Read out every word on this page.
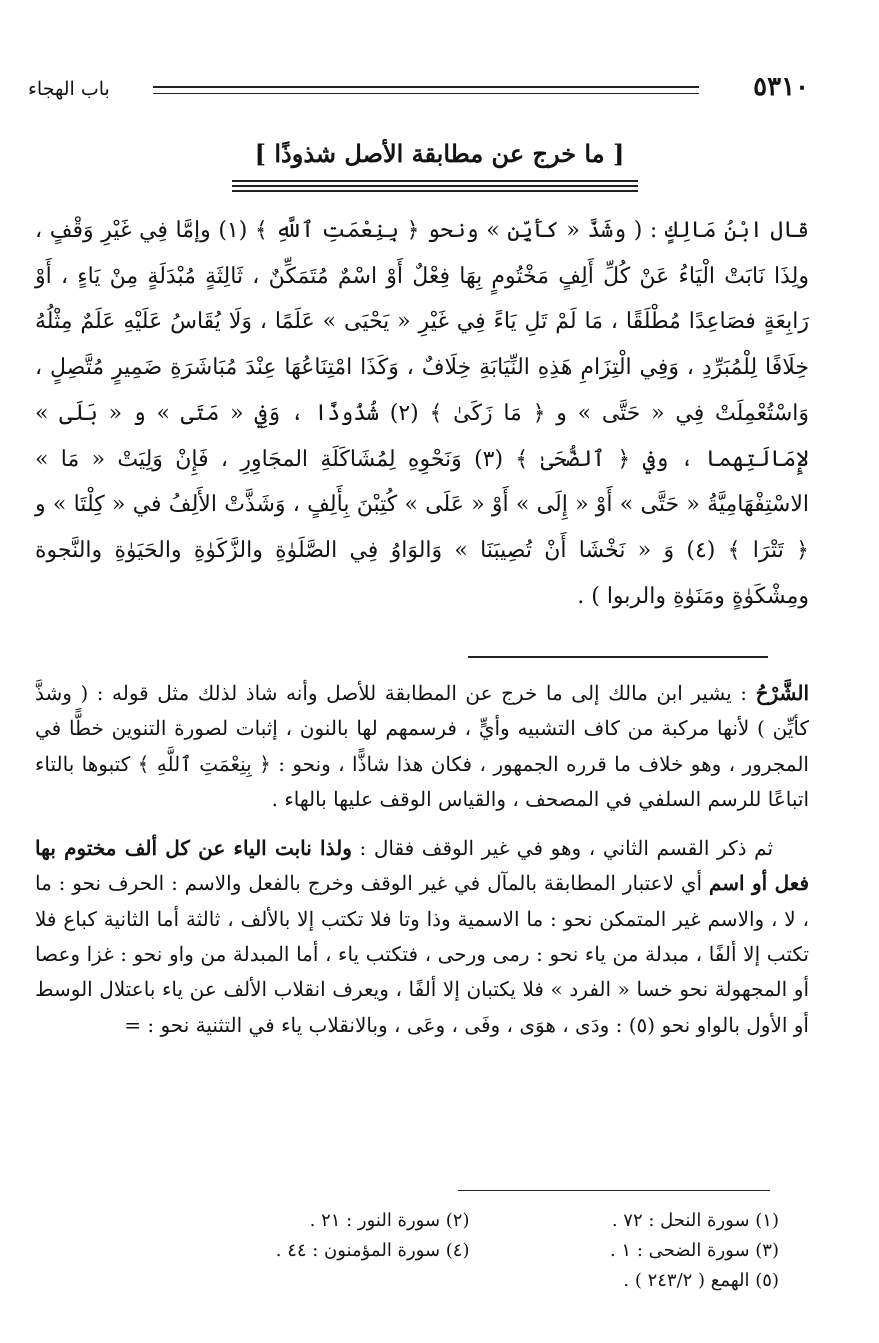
٥٣١٠
باب الهجاء
[ ما خرج عن مطابقة الأصل شذوذًا ]
قال ابْنُ مَالِكٍ : ( وشَذَّ « كأَيِّن » ونحو ﴿ بِنِعْمَتِ ٱللَّهِ ﴾ (١) وإمَّا فِي غَيْرِ وَقْفٍ ، ولِذَا نَابَتْ الْيَاءُ عَنْ كُلِّ أَلِفٍ مَخْتُومٍ بِهَا فِعْلٌ أَوْ اسْمٌ مُتَمَكِّنٌ ، ثَالِثَةٍ مُبْدَلَةٍ مِنْ يَاءٍ ، أَوْ رَابِعَةٍ فصَاعِدًا مُطْلَقًا ، مَا لَمْ تَلِ يَاءً فِي غَيْرِ « يَحْيَى » عَلَمًا ، وَلَا يُقَاسُ عَلَيْهِ عَلَمٌ مِثْلُهُ خِلَافًا لِلْمُبَرِّدِ ، وَفِي الْتِزَامِ هَذِهِ النِّيَابَةِ خِلَافٌ ، وَكَذَا امْتِنَاعُهَا عِنْدَ مُبَاشَرَةِ ضَمِيرٍ مُتَّصِلٍ ، وَاسْتُعْمِلَتْ فِي « حَتَّى » و ﴿ مَا زَكَىٰ ﴾ (٢) شُذُوذًا ، وَفِي « مَتَى » و « بَلَى » لإِمَالَتِهما ، وفي ﴿ ٱلضُّحَىٰ ﴾ (٣) وَنَحْوِهِ لِمُشَاكَلَةِ المجَاوِرِ ، فَإِنْ وَلِيَتْ « مَا » الاسْتِفْهَامِيَّةُ « حَتَّى » أَوْ « إِلَى » أَوْ « عَلَى » كُتِبْنَ بِأَلِفٍ ، وَشَذَّتْ الأَلِفُ في « كِلْتَا » و ﴿ تَتْرَا ﴾ (٤) وَ « نَخْشَا أَنْ تُصِيبَنَا » وَالوَاوُ فِي الصَّلَوٰةِ والزَّكَوٰةِ والحَيَوٰةِ والنَّجوة ومِشْكَوٰةٍ ومَنَوٰةِ والربوا ) .

الشَّرْحُ : يشير ابن مالك إلى ما خرج عن المطابقة للأصل وأنه شاذ لذلك مثل قوله : ( وشذَّ كأيِّن ) لأنها مركبة من كاف التشبيه وأيٍّ ، فرسمهم لها بالنون ، إثبات لصورة التنوين خطًّا في المجرور ، وهو خلاف ما قرره الجمهور ، فكان هذا شاذًّا ، ونحو : ﴿ بِنِعْمَتِ ٱللَّهِ ﴾ كتبوها بالتاء اتباعًا للرسم السلفي في المصحف ، والقياس الوقف عليها بالهاء .

ثم ذكر القسم الثاني ، وهو في غير الوقف فقال : ولذا نابت الياء عن كل ألف مختوم بها فعل أو اسم أي لاعتبار المطابقة بالمآل في غير الوقف وخرج بالفعل والاسم : الحرف نحو : ما ، لا ، والاسم غير المتمكن نحو : ما الاسمية وذا وتا فلا تكتب إلا بالألف ، ثالثة أما الثانية كباع فلا تكتب إلا ألفًا ، مبدلة من ياء نحو : رمى ورحى ، فتكتب ياء ، أما المبدلة من واو نحو : غزا وعصا أو المجهولة نحو خسا « الفرد » فلا يكتبان إلا ألفًا ، ويعرف انقلاب الألف عن ياء باعتلال الوسط أو الأول بالواو نحو (٥) : ودَى ، هوَى ، وفَى ، وعَى ، وبالانقلاب ياء في التثنية نحو : =

(١) سورة النحل : ٧٢ .
(٢) سورة النور : ٢١ .
(٣) سورة الضحى : ١ .
(٤) سورة المؤمنون : ٤٤ .
(٥) الهمع ( ٢٤٣/٢ ) .
